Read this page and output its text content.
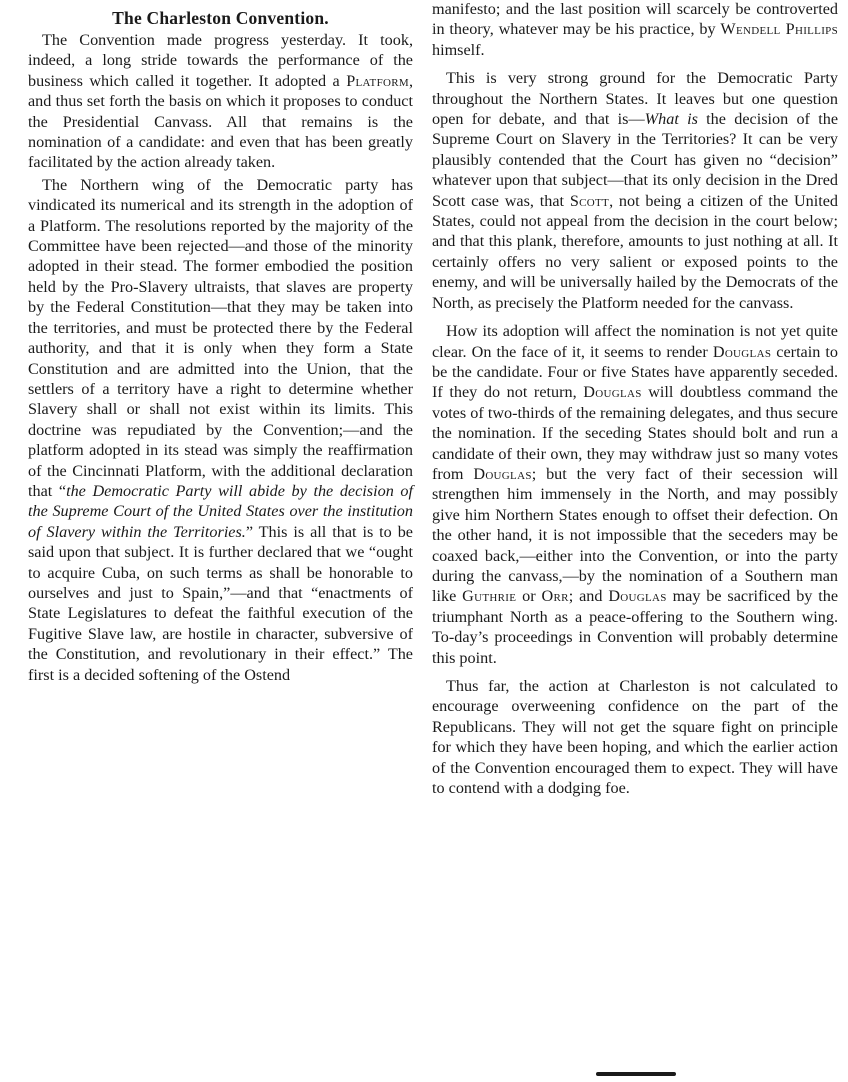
The Charleston Convention.

The Convention made progress yesterday. It took, indeed, a long stride towards the performance of the business which called it together. It adopted a Platform, and thus set forth the basis on which it proposes to conduct the Presidential Canvass. All that remains is the nomination of a candidate: and even that has been greatly facilitated by the action already taken.

The Northern wing of the Democratic party has vindicated its numerical and its strength in the adoption of a Platform. The resolutions reported by the majority of the Committee have been rejected—and those of the minority adopted in their stead. The former embodied the position held by the Pro-Slavery ultraists, that slaves are property by the Federal Constitution—that they may be taken into the territories, and must be protected there by the Federal authority, and that it is only when they form a State Constitution and are admitted into the Union, that the settlers of a territory have a right to determine whether Slavery shall or shall not exist within its limits. This doctrine was repudiated by the Convention;—and the platform adopted in its stead was simply the reaffirmation of the Cincinnati Platform, with the additional declaration that “the Democratic Party will abide by the decision of the Supreme Court of the United States over the institution of Slavery within the Territories.” This is all that is to be said upon that subject. It is further declared that we “ought to acquire Cuba, on such terms as shall be honorable to ourselves and just to Spain,”—and that “enactments of State Legislatures to defeat the faithful execution of the Fugitive Slave law, are hostile in character, subversive of the Constitution, and revolutionary in their effect.” The first is a decided softening of the Ostend

manifesto; and the last position will scarcely be controverted in theory, whatever may be his practice, by Wendell Phillips himself.

This is very strong ground for the Democratic Party throughout the Northern States. It leaves but one question open for debate, and that is—What is the decision of the Supreme Court on Slavery in the Territories? It can be very plausibly contended that the Court has given no “decision” whatever upon that subject—that its only decision in the Dred Scott case was, that Scott, not being a citizen of the United States, could not appeal from the decision in the court below; and that this plank, therefore, amounts to just nothing at all. It certainly offers no very salient or exposed points to the enemy, and will be universally hailed by the Democrats of the North, as precisely the Platform needed for the canvass.

How its adoption will affect the nomination is not yet quite clear. On the face of it, it seems to render Douglas certain to be the candidate. Four or five States have apparently seceded. If they do not return, Douglas will doubtless command the votes of two-thirds of the remaining delegates, and thus secure the nomination. If the seceding States should bolt and run a candidate of their own, they may withdraw just so many votes from Douglas; but the very fact of their secession will strengthen him immensely in the North, and may possibly give him Northern States enough to offset their defection. On the other hand, it is not impossible that the seceders may be coaxed back,—either into the Convention, or into the party during the canvass,—by the nomination of a Southern man like Guthrie or Orr; and Douglas may be sacrificed by the triumphant North as a peace-offering to the Southern wing. To-day’s proceedings in Convention will probably determine this point.

Thus far, the action at Charleston is not calculated to encourage overweening confidence on the part of the Republicans. They will not get the square fight on principle for which they have been hoping, and which the earlier action of the Convention encouraged them to expect. They will have to contend with a dodging foe.
